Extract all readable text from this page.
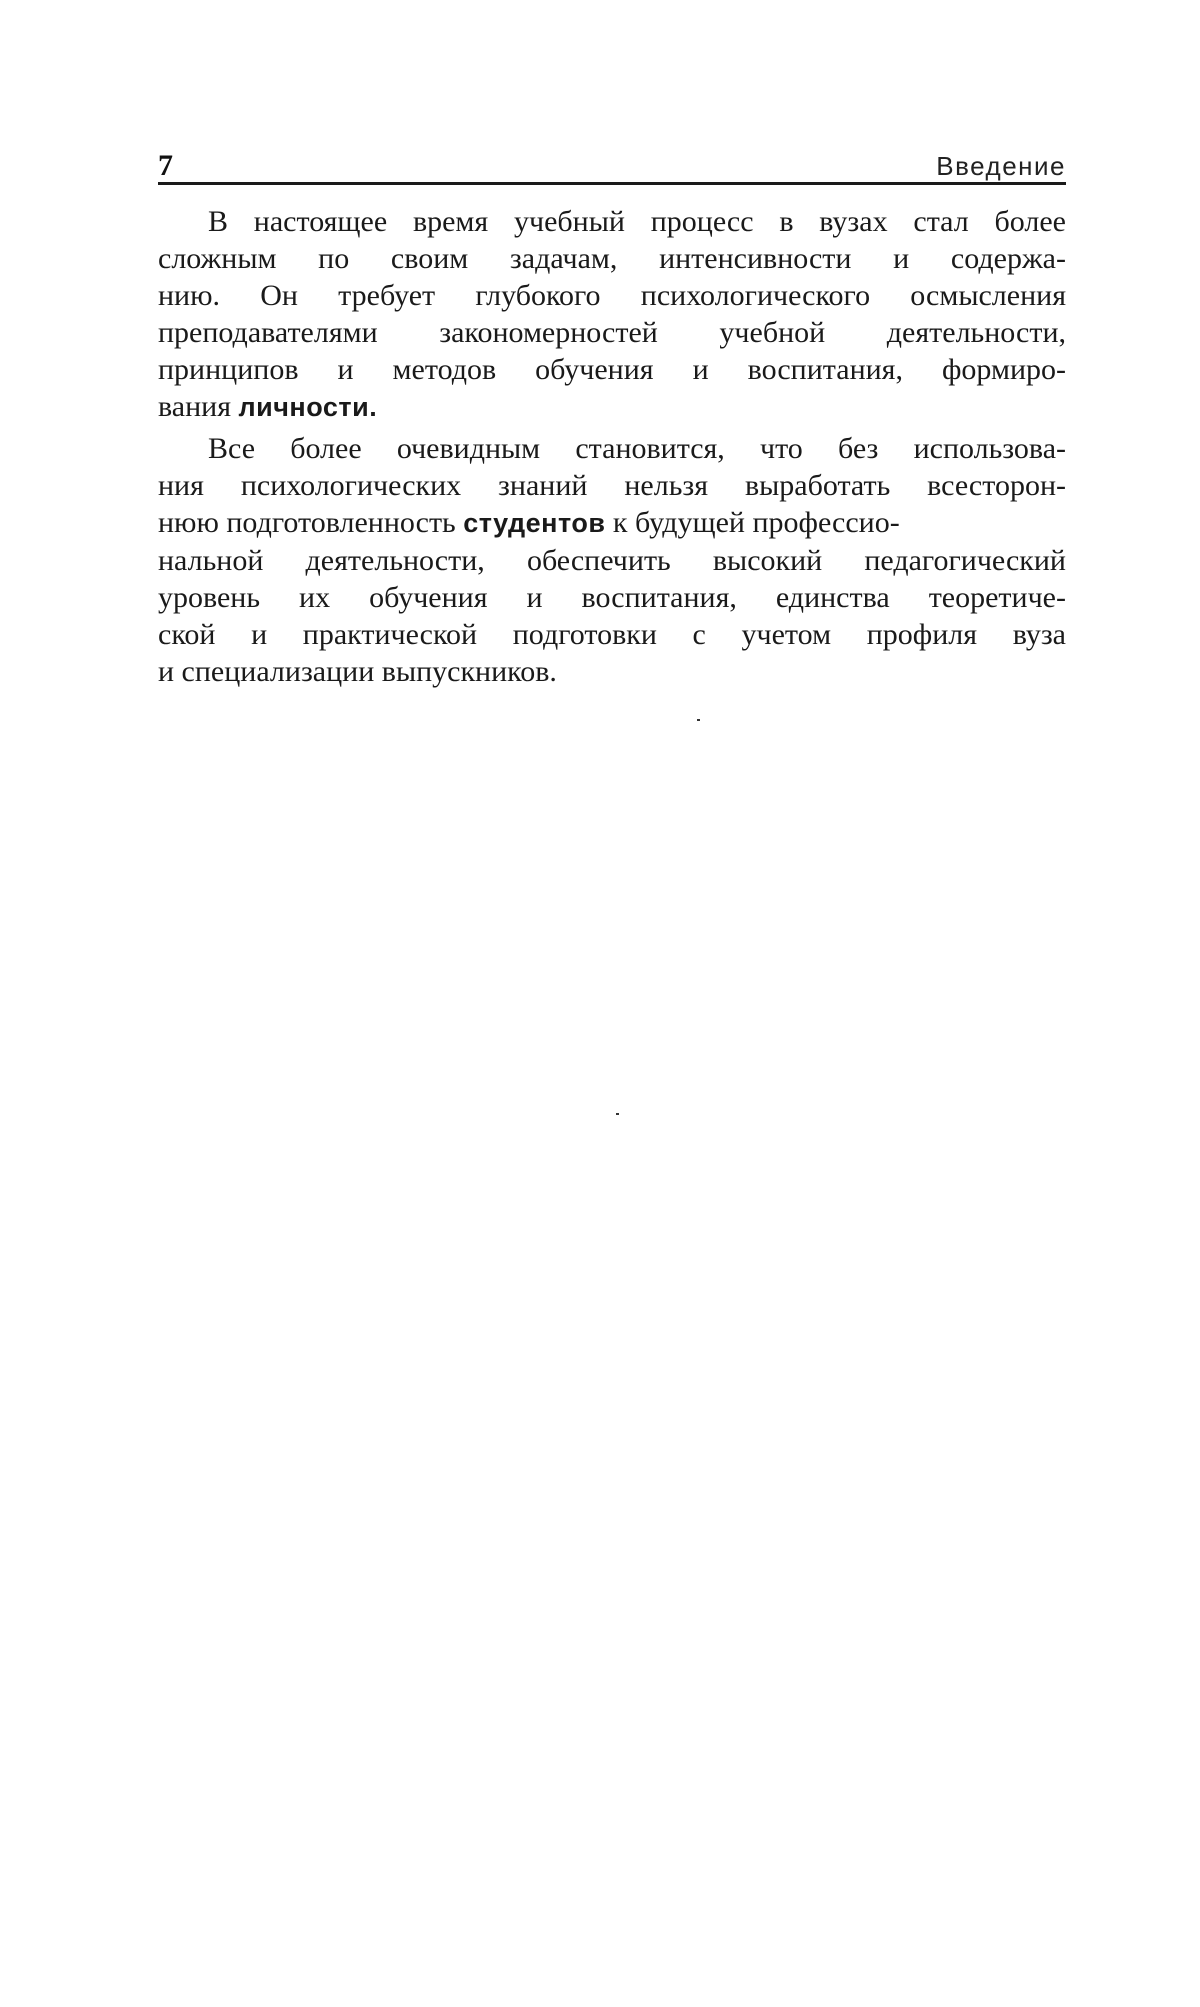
7	Введение

В настоящее время учебный процесс в вузах стал более
сложным по своим задачам, интенсивности и содержа-
нию. Он требует глубокого психологического осмысления
преподавателями закономерностей учебной деятельности,
принципов и методов обучения и воспитания, формиро-
вания личности.

Все более очевидным становится, что без использова-
ния психологических знаний нельзя выработать всесторон-
нюю подготовленность студентов к будущей профессио-
нальной деятельности, обеспечить высокий педагогический
уровень их обучения и воспитания, единства теоретиче-
ской и практической подготовки с учетом профиля вуза
и специализации выпускников.
